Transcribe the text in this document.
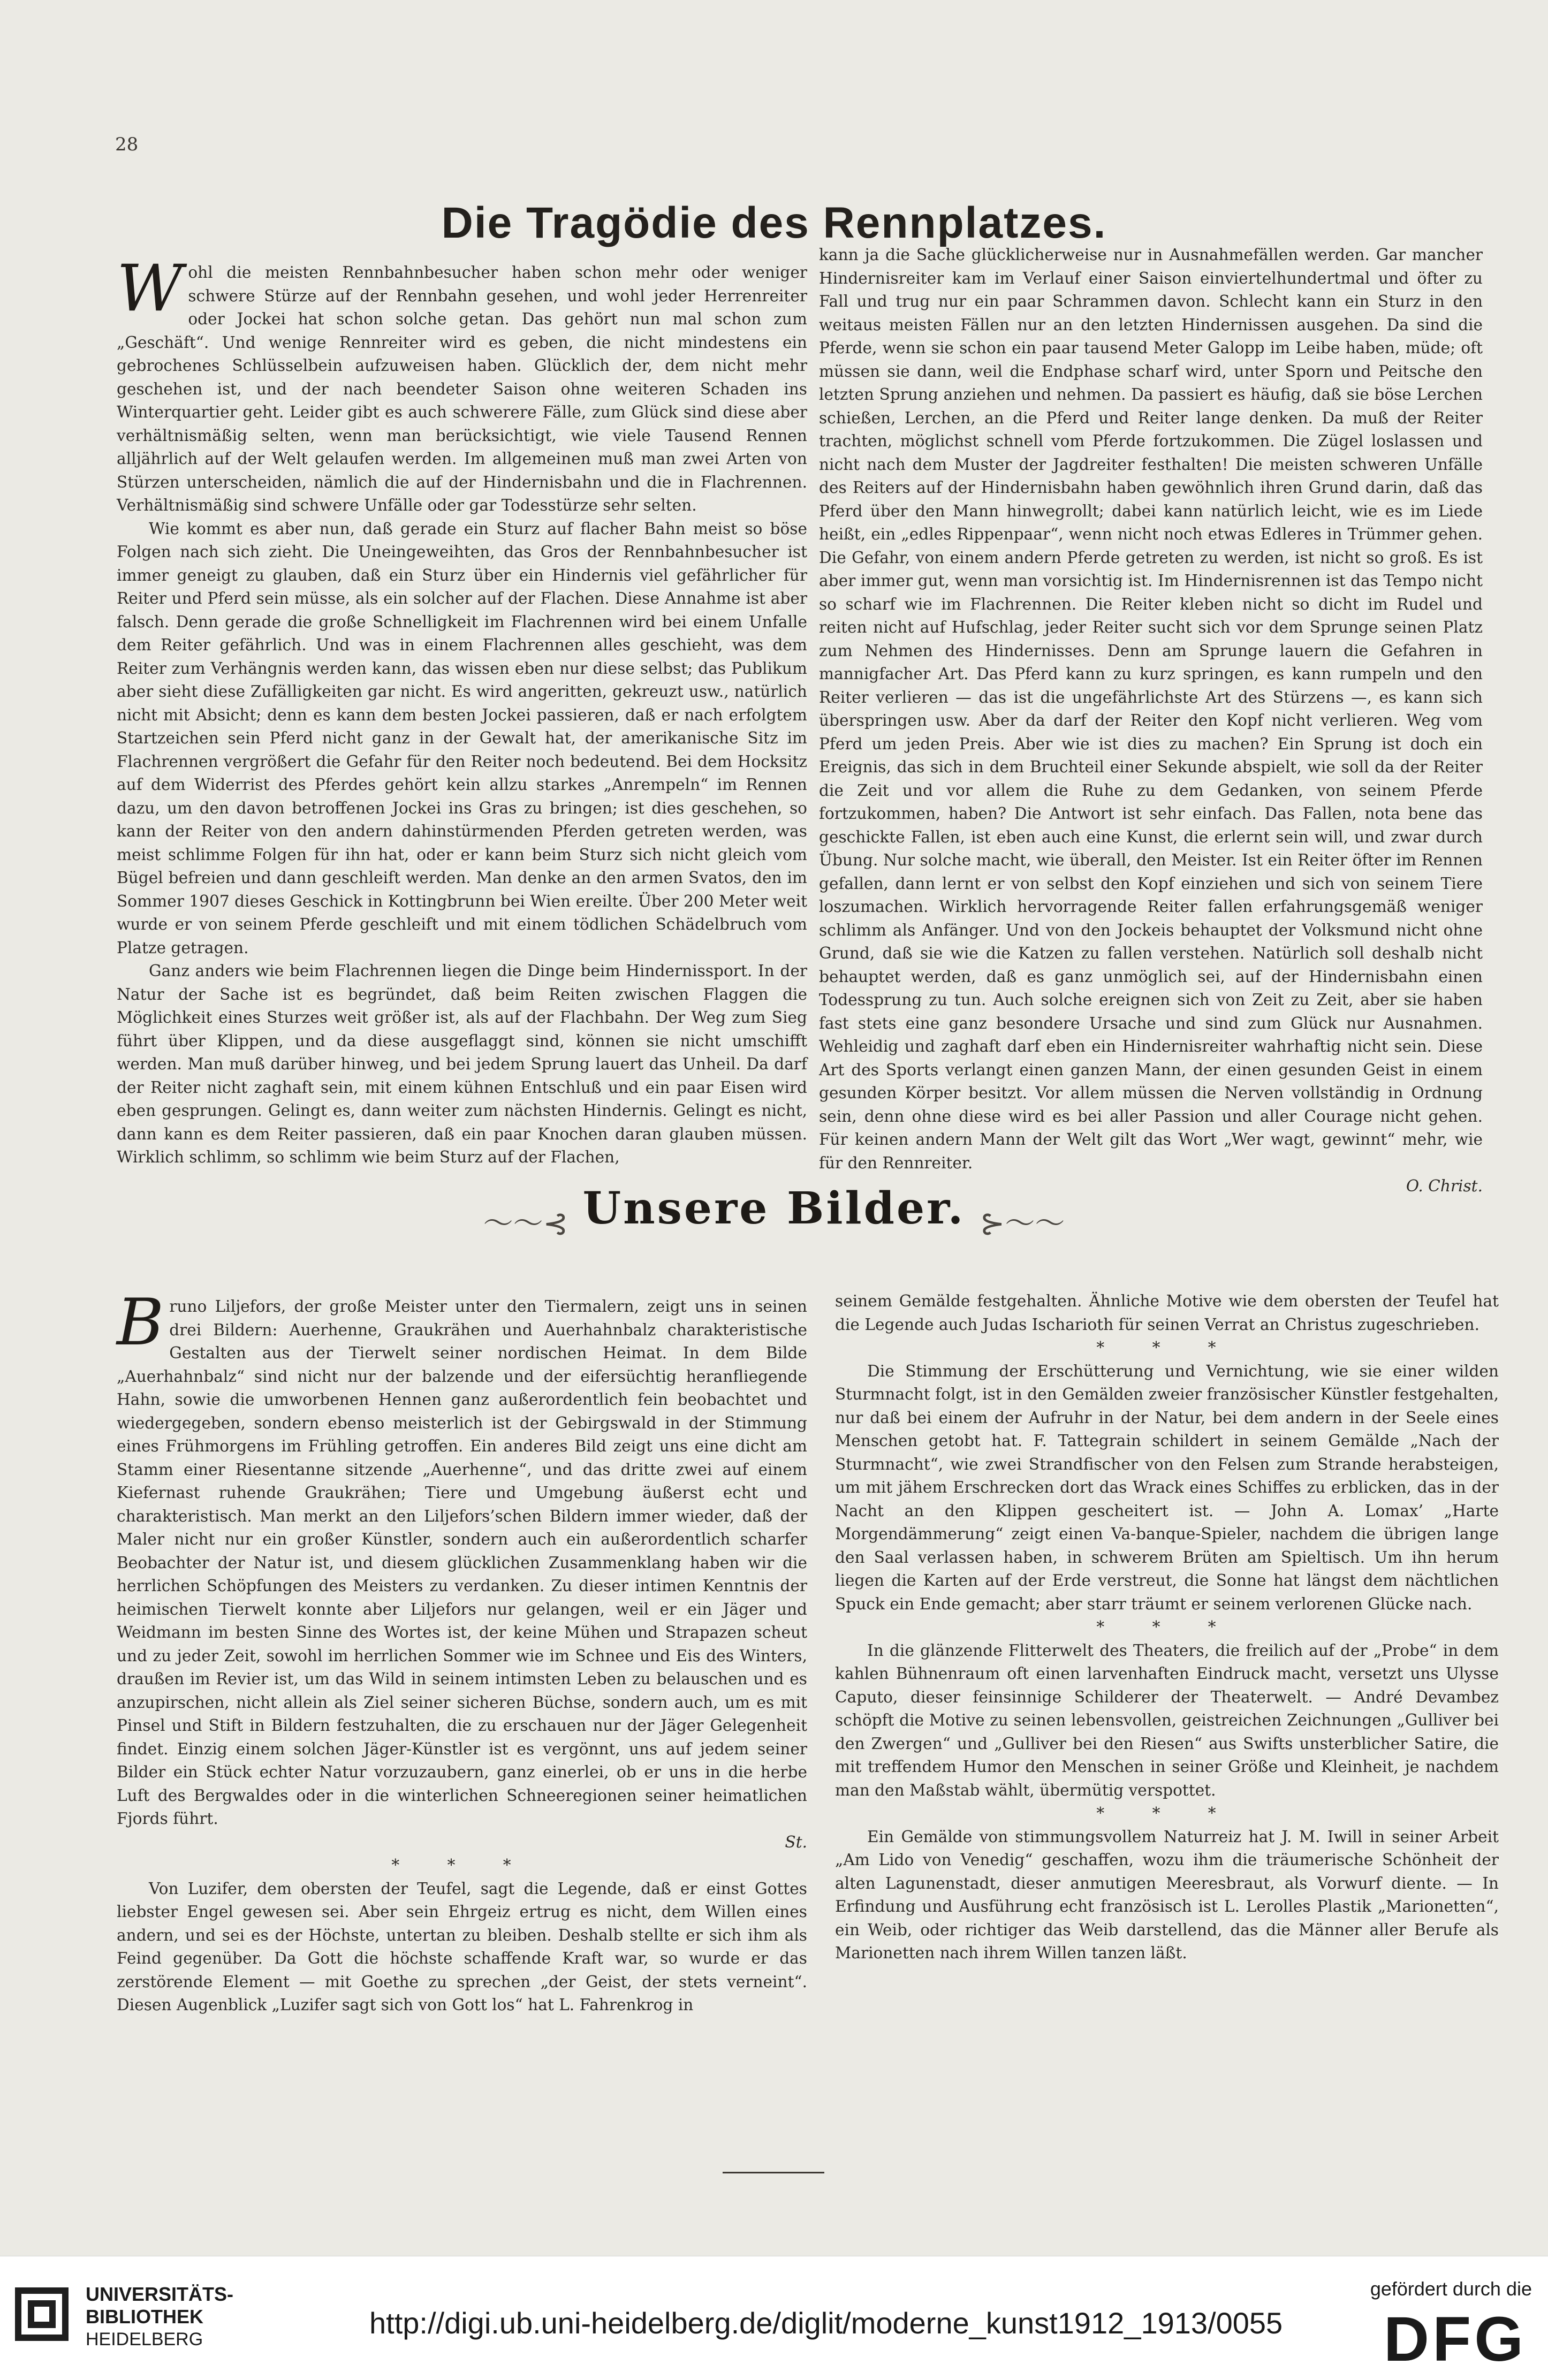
28
Die Tragödie des Rennplatzes.

Wohl die meisten Rennbahnbesucher haben schon mehr oder weniger schwere Stürze auf der Rennbahn gesehen, und wohl jeder Herrenreiter oder Jockei hat schon solche getan. Das gehört nun mal schon zum „Geschäft“. Und wenige Rennreiter wird es geben, die nicht mindestens ein gebrochenes Schlüsselbein aufzuweisen haben. Glücklich der, dem nicht mehr geschehen ist, und der nach beendeter Saison ohne weiteren Schaden ins Winterquartier geht. Leider gibt es auch schwerere Fälle, zum Glück sind diese aber verhältnismäßig selten, wenn man berücksichtigt, wie viele Tausend Rennen alljährlich auf der Welt gelaufen werden. Im allgemeinen muß man zwei Arten von Stürzen unterscheiden, nämlich die auf der Hindernisbahn und die in Flachrennen. Verhältnismäßig sind schwere Unfälle oder gar Todesstürze sehr selten.

Wie kommt es aber nun, daß gerade ein Sturz auf flacher Bahn meist so böse Folgen nach sich zieht. Die Uneingeweihten, das Gros der Rennbahnbesucher ist immer geneigt zu glauben, daß ein Sturz über ein Hindernis viel gefährlicher für Reiter und Pferd sein müsse, als ein solcher auf der Flachen. Diese Annahme ist aber falsch. Denn gerade die große Schnelligkeit im Flachrennen wird bei einem Unfalle dem Reiter gefährlich. Und was in einem Flachrennen alles geschieht, was dem Reiter zum Verhängnis werden kann, das wissen eben nur diese selbst; das Publikum aber sieht diese Zufälligkeiten gar nicht. Es wird angeritten, gekreuzt usw., natürlich nicht mit Absicht; denn es kann dem besten Jockei passieren, daß er nach erfolgtem Startzeichen sein Pferd nicht ganz in der Gewalt hat, der amerikanische Sitz im Flachrennen vergrößert die Gefahr für den Reiter noch bedeutend. Bei dem Hocksitz auf dem Widerrist des Pferdes gehört kein allzu starkes „Anrempeln“ im Rennen dazu, um den davon betroffenen Jockei ins Gras zu bringen; ist dies geschehen, so kann der Reiter von den andern dahinstürmenden Pferden getreten werden, was meist schlimme Folgen für ihn hat, oder er kann beim Sturz sich nicht gleich vom Bügel befreien und dann geschleift werden. Man denke an den armen Svatos, den im Sommer 1907 dieses Geschick in Kottingbrunn bei Wien ereilte. Über 200 Meter weit wurde er von seinem Pferde geschleift und mit einem tödlichen Schädelbruch vom Platze getragen.

Ganz anders wie beim Flachrennen liegen die Dinge beim Hindernissport. In der Natur der Sache ist es begründet, daß beim Reiten zwischen Flaggen die Möglichkeit eines Sturzes weit größer ist, als auf der Flachbahn. Der Weg zum Sieg führt über Klippen, und da diese ausgeflaggt sind, können sie nicht umschifft werden. Man muß darüber hinweg, und bei jedem Sprung lauert das Unheil. Da darf der Reiter nicht zaghaft sein, mit einem kühnen Entschluß und ein paar Eisen wird eben gesprungen. Gelingt es, dann weiter zum nächsten Hindernis. Gelingt es nicht, dann kann es dem Reiter passieren, daß ein paar Knochen daran glauben müssen. Wirklich schlimm, so schlimm wie beim Sturz auf der Flachen,

kann ja die Sache glücklicherweise nur in Ausnahmefällen werden. Gar mancher Hindernisreiter kam im Verlauf einer Saison einviertelhundertmal und öfter zu Fall und trug nur ein paar Schrammen davon. Schlecht kann ein Sturz in den weitaus meisten Fällen nur an den letzten Hindernissen ausgehen. Da sind die Pferde, wenn sie schon ein paar tausend Meter Galopp im Leibe haben, müde; oft müssen sie dann, weil die Endphase scharf wird, unter Sporn und Peitsche den letzten Sprung anziehen und nehmen. Da passiert es häufig, daß sie böse Lerchen schießen, Lerchen, an die Pferd und Reiter lange denken. Da muß der Reiter trachten, möglichst schnell vom Pferde fortzukommen. Die Zügel loslassen und nicht nach dem Muster der Jagdreiter festhalten! Die meisten schweren Unfälle des Reiters auf der Hindernisbahn haben gewöhnlich ihren Grund darin, daß das Pferd über den Mann hinwegrollt; dabei kann natürlich leicht, wie es im Liede heißt, ein „edles Rippenpaar“, wenn nicht noch etwas Edleres in Trümmer gehen. Die Gefahr, von einem andern Pferde getreten zu werden, ist nicht so groß. Es ist aber immer gut, wenn man vorsichtig ist. Im Hindernisrennen ist das Tempo nicht so scharf wie im Flachrennen. Die Reiter kleben nicht so dicht im Rudel und reiten nicht auf Hufschlag, jeder Reiter sucht sich vor dem Sprunge seinen Platz zum Nehmen des Hindernisses. Denn am Sprunge lauern die Gefahren in mannigfacher Art. Das Pferd kann zu kurz springen, es kann rumpeln und den Reiter verlieren — das ist die ungefährlichste Art des Stürzens —, es kann sich überspringen usw. Aber da darf der Reiter den Kopf nicht verlieren. Weg vom Pferd um jeden Preis. Aber wie ist dies zu machen? Ein Sprung ist doch ein Ereignis, das sich in dem Bruchteil einer Sekunde abspielt, wie soll da der Reiter die Zeit und vor allem die Ruhe zu dem Gedanken, von seinem Pferde fortzukommen, haben? Die Antwort ist sehr einfach. Das Fallen, nota bene das geschickte Fallen, ist eben auch eine Kunst, die erlernt sein will, und zwar durch Übung. Nur solche macht, wie überall, den Meister. Ist ein Reiter öfter im Rennen gefallen, dann lernt er von selbst den Kopf einziehen und sich von seinem Tiere loszumachen. Wirklich hervorragende Reiter fallen erfahrungsgemäß weniger schlimm als Anfänger. Und von den Jockeis behauptet der Volksmund nicht ohne Grund, daß sie wie die Katzen zu fallen verstehen. Natürlich soll deshalb nicht behauptet werden, daß es ganz unmöglich sei, auf der Hindernisbahn einen Todessprung zu tun. Auch solche ereignen sich von Zeit zu Zeit, aber sie haben fast stets eine ganz besondere Ursache und sind zum Glück nur Ausnahmen. Wehleidig und zaghaft darf eben ein Hindernisreiter wahrhaftig nicht sein. Diese Art des Sports verlangt einen ganzen Mann, der einen gesunden Geist in einem gesunden Körper besitzt. Vor allem müssen die Nerven vollständig in Ordnung sein, denn ohne diese wird es bei aller Passion und aller Courage nicht gehen. Für keinen andern Mann der Welt gilt das Wort „Wer wagt, gewinnt“ mehr, wie für den Rennreiter.

O. Christ.

〜〜⊰ Unsere Bilder. ⊱〜〜

Bruno Liljefors, der große Meister unter den Tiermalern, zeigt uns in seinen drei Bildern: Auerhenne, Graukrähen und Auerhahnbalz charakteristische Gestalten aus der Tierwelt seiner nordischen Heimat. In dem Bilde „Auerhahnbalz“ sind nicht nur der balzende und der eifersüchtig heranfliegende Hahn, sowie die umworbenen Hennen ganz außerordentlich fein beobachtet und wiedergegeben, sondern ebenso meisterlich ist der Gebirgswald in der Stimmung eines Frühmorgens im Frühling getroffen. Ein anderes Bild zeigt uns eine dicht am Stamm einer Riesentanne sitzende „Auerhenne“, und das dritte zwei auf einem Kiefernast ruhende Graukrähen; Tiere und Umgebung äußerst echt und charakteristisch. Man merkt an den Liljefors’schen Bildern immer wieder, daß der Maler nicht nur ein großer Künstler, sondern auch ein außerordentlich scharfer Beobachter der Natur ist, und diesem glücklichen Zusammenklang haben wir die herrlichen Schöpfungen des Meisters zu verdanken. Zu dieser intimen Kenntnis der heimischen Tierwelt konnte aber Liljefors nur gelangen, weil er ein Jäger und Weidmann im besten Sinne des Wortes ist, der keine Mühen und Strapazen scheut und zu jeder Zeit, sowohl im herrlichen Sommer wie im Schnee und Eis des Winters, draußen im Revier ist, um das Wild in seinem intimsten Leben zu belauschen und es anzupirschen, nicht allein als Ziel seiner sicheren Büchse, sondern auch, um es mit Pinsel und Stift in Bildern festzuhalten, die zu erschauen nur der Jäger Gelegenheit findet. Einzig einem solchen Jäger-Künstler ist es vergönnt, uns auf jedem seiner Bilder ein Stück echter Natur vorzuzaubern, ganz einerlei, ob er uns in die herbe Luft des Bergwaldes oder in die winterlichen Schneeregionen seiner heimatlichen Fjords führt.

St.

* * *

Von Luzifer, dem obersten der Teufel, sagt die Legende, daß er einst Gottes liebster Engel gewesen sei. Aber sein Ehrgeiz ertrug es nicht, dem Willen eines andern, und sei es der Höchste, untertan zu bleiben. Deshalb stellte er sich ihm als Feind gegenüber. Da Gott die höchste schaffende Kraft war, so wurde er das zerstörende Element — mit Goethe zu sprechen „der Geist, der stets verneint“. Diesen Augenblick „Luzifer sagt sich von Gott los“ hat L. Fahrenkrog in

seinem Gemälde festgehalten. Ähnliche Motive wie dem obersten der Teufel hat die Legende auch Judas Ischarioth für seinen Verrat an Christus zugeschrieben.

* * *

Die Stimmung der Erschütterung und Vernichtung, wie sie einer wilden Sturmnacht folgt, ist in den Gemälden zweier französischer Künstler festgehalten, nur daß bei einem der Aufruhr in der Natur, bei dem andern in der Seele eines Menschen getobt hat. F. Tattegrain schildert in seinem Gemälde „Nach der Sturmnacht“, wie zwei Strandfischer von den Felsen zum Strande herabsteigen, um mit jähem Erschrecken dort das Wrack eines Schiffes zu erblicken, das in der Nacht an den Klippen gescheitert ist. — John A. Lomax’ „Harte Morgendämmerung“ zeigt einen Va-banque-Spieler, nachdem die übrigen lange den Saal verlassen haben, in schwerem Brüten am Spieltisch. Um ihn herum liegen die Karten auf der Erde verstreut, die Sonne hat längst dem nächtlichen Spuck ein Ende gemacht; aber starr träumt er seinem verlorenen Glücke nach.

* * *

In die glänzende Flitterwelt des Theaters, die freilich auf der „Probe“ in dem kahlen Bühnenraum oft einen larvenhaften Eindruck macht, versetzt uns Ulysse Caputo, dieser feinsinnige Schilderer der Theaterwelt. — André Devambez schöpft die Motive zu seinen lebensvollen, geistreichen Zeichnungen „Gulliver bei den Zwergen“ und „Gulliver bei den Riesen“ aus Swifts unsterblicher Satire, die mit treffendem Humor den Menschen in seiner Größe und Kleinheit, je nachdem man den Maßstab wählt, übermütig verspottet.

* * *

Ein Gemälde von stimmungsvollem Naturreiz hat J. M. Iwill in seiner Arbeit „Am Lido von Venedig“ geschaffen, wozu ihm die träumerische Schönheit der alten Lagunenstadt, dieser anmutigen Meeresbraut, als Vorwurf diente. — In Erfindung und Ausführung echt französisch ist L. Lerolles Plastik „Marionetten“, ein Weib, oder richtiger das Weib darstellend, das die Männer aller Berufe als Marionetten nach ihrem Willen tanzen läßt.

UNIVERSITÄTS-
BIBLIOTHEK
HEIDELBERG	http://digi.ub.uni-heidelberg.de/diglit/moderne_kunst1912_1913/0055
gefördert durch die
DFG
